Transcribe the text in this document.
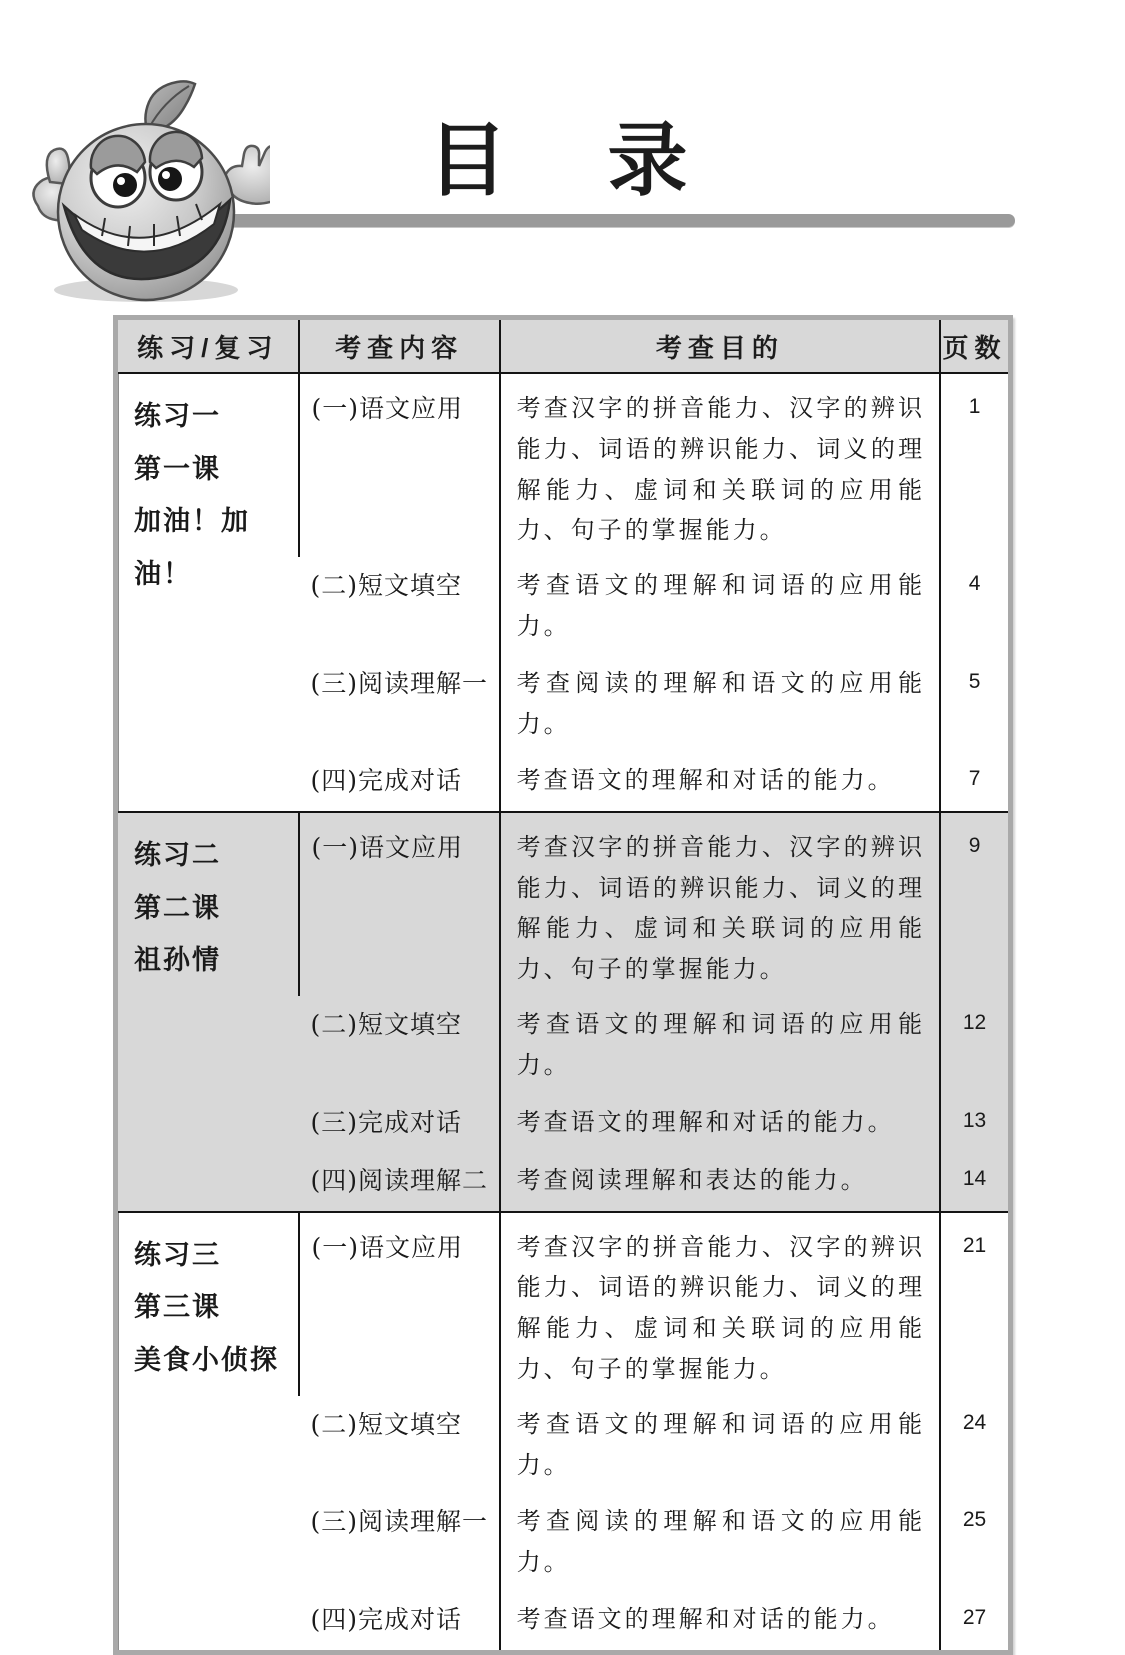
目　录
练习/复习	考查内容	考查目的	页数

练习一
第一课
加油！加油！	(一)语文应用	考查汉字的拼音能力、汉字的辨识能力、词语的辨识能力、词义的理解能力、虚词和关联词的应用能力、句子的掌握能力。	1
	(二)短文填空	考查语文的理解和词语的应用能力。	4
	(三)阅读理解一	考查阅读的理解和语文的应用能力。	5
	(四)完成对话	考查语文的理解和对话的能力。	7

练习二
第二课
祖孙情	(一)语文应用	考查汉字的拼音能力、汉字的辨识能力、词语的辨识能力、词义的理解能力、虚词和关联词的应用能力、句子的掌握能力。	9
	(二)短文填空	考查语文的理解和词语的应用能力。	12
	(三)完成对话	考查语文的理解和对话的能力。	13
	(四)阅读理解二	考查阅读理解和表达的能力。	14

练习三
第三课
美食小侦探	(一)语文应用	考查汉字的拼音能力、汉字的辨识能力、词语的辨识能力、词义的理解能力、虚词和关联词的应用能力、句子的掌握能力。	21
	(二)短文填空	考查语文的理解和词语的应用能力。	24
	(三)阅读理解一	考查阅读的理解和语文的应用能力。	25
	(四)完成对话	考查语文的理解和对话的能力。	27
